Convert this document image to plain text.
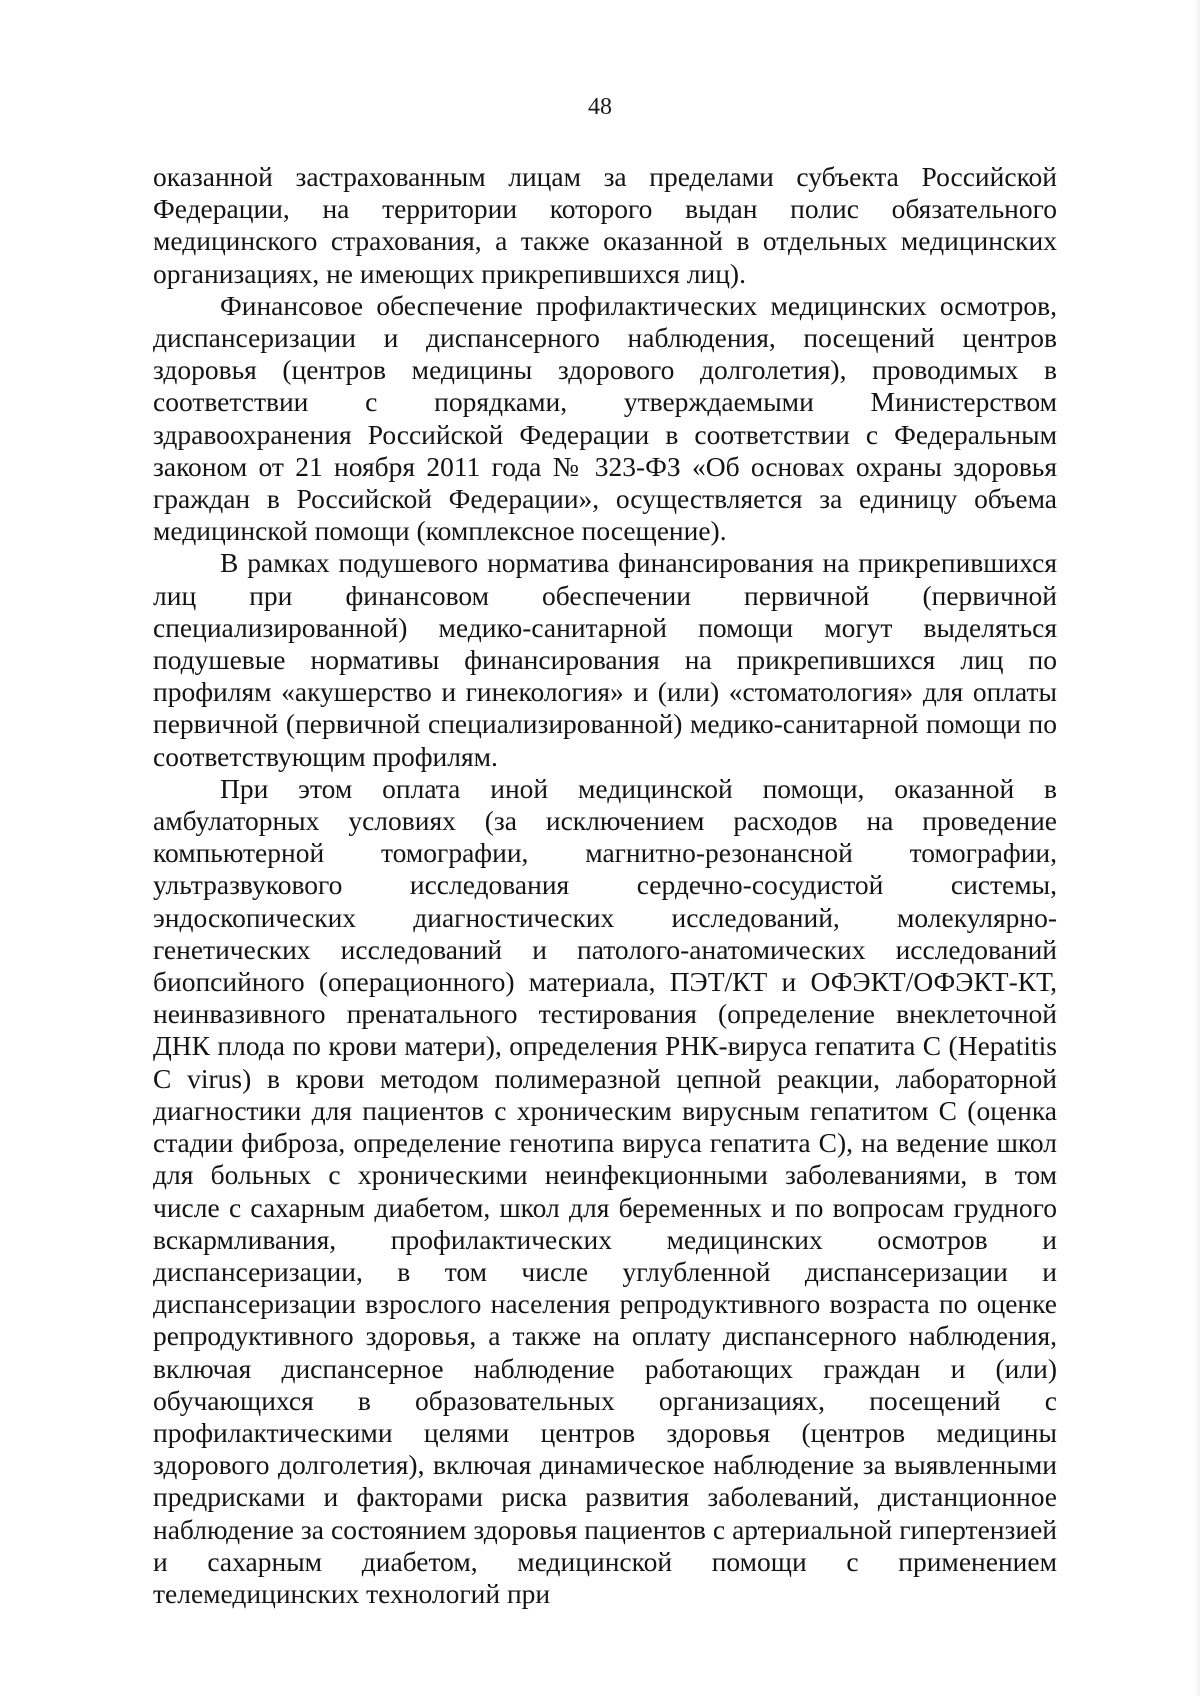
48

оказанной застрахованным лицам за пределами субъекта Российской Федерации, на территории которого выдан полис обязательного медицинского страхования, а также оказанной в отдельных медицинских организациях, не имеющих прикрепившихся лиц).

Финансовое обеспечение профилактических медицинских осмотров, диспансеризации и диспансерного наблюдения, посещений центров здоровья (центров медицины здорового долголетия), проводимых в соответствии с порядками, утверждаемыми Министерством здравоохранения Российской Федерации в соответствии с Федеральным законом от 21 ноября 2011 года № 323-ФЗ «Об основах охраны здоровья граждан в Российской Федерации», осуществляется за единицу объема медицинской помощи (комплексное посещение).

В рамках подушевого норматива финансирования на прикрепившихся лиц при финансовом обеспечении первичной (первичной специализированной) медико-санитарной помощи могут выделяться подушевые нормативы финансирования на прикрепившихся лиц по профилям «акушерство и гинекология» и (или) «стоматология» для оплаты первичной (первичной специализированной) медико-санитарной помощи по соответствующим профилям.

При этом оплата иной медицинской помощи, оказанной в амбулаторных условиях (за исключением расходов на проведение компьютерной томографии, магнитно-резонансной томографии, ультразвукового исследования сердечно-сосудистой системы, эндоскопических диагностических исследований, молекулярно-генетических исследований и патолого-анатомических исследований биопсийного (операционного) материала, ПЭТ/КТ и ОФЭКТ/ОФЭКТ-КТ, неинвазивного пренатального тестирования (определение внеклеточной ДНК плода по крови матери), определения РНК-вируса гепатита С (Hepatitis C virus) в крови методом полимеразной цепной реакции, лабораторной диагностики для пациентов с хроническим вирусным гепатитом С (оценка стадии фиброза, определение генотипа вируса гепатита С), на ведение школ для больных с хроническими неинфекционными заболеваниями, в том числе с сахарным диабетом, школ для беременных и по вопросам грудного вскармливания, профилактических медицинских осмотров и диспансеризации, в том числе углубленной диспансеризации и диспансеризации взрослого населения репродуктивного возраста по оценке репродуктивного здоровья, а также на оплату диспансерного наблюдения, включая диспансерное наблюдение работающих граждан и (или) обучающихся в образовательных организациях, посещений с профилактическими целями центров здоровья (центров медицины здорового долголетия), включая динамическое наблюдение за выявленными предрисками и факторами риска развития заболеваний, дистанционное наблюдение за состоянием здоровья пациентов с артериальной гипертензией и сахарным диабетом, медицинской помощи с применением телемедицинских технологий при
